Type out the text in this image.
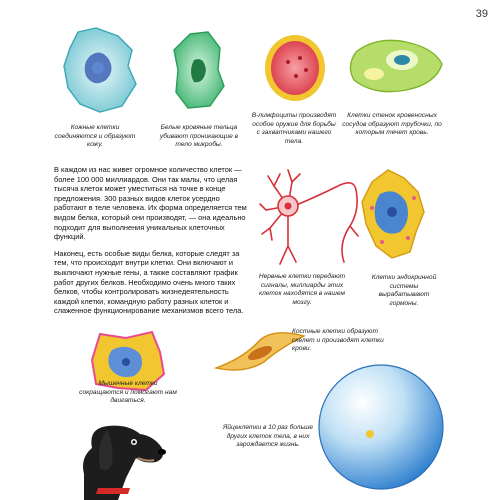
39
Кожные клетки соединяются и образуют кожу.
Белые кровяные тельца убивают проникающие в тело микробы.
В-лимфоциты производят особое оружие для борьбы с захватчиками нашего тела.
Клетки стенок кровеносных сосудов образуют трубочки, по которым течет кровь.

В каждом из нас живет огромное количество клеток — более 100 000 миллиардов. Они так малы, что целая тысяча клеток может уместиться на точке в конце предложения. 300 разных видов клеток усердно работают в теле человека. Их форма определяется тем видом белка, который они производят, — она идеально подходит для выполнения уникальных клеточных функций.

Наконец, есть особые виды белка, которые следят за тем, что происходит внутри клетки. Они включают и выключают нужные гены, а также составляют график работ других белков. Необходимо очень много таких белков, чтобы контролировать жизнедеятельность каждой клетки, командную работу разных клеток и слаженное функционирование механизмов всего тела.

Нервные клетки передают сигналы, миллиарды этих клеток находятся в нашем мозгу.
Клетки эндокринной системы вырабатывают гормоны.
Костные клетки образуют скелет и производят клетки крови.
Мышечные клетки сокращаются и помогают нам двигаться.
Яйцеклетки в 10 раз больше других клеток тела, в них зарождается жизнь.
